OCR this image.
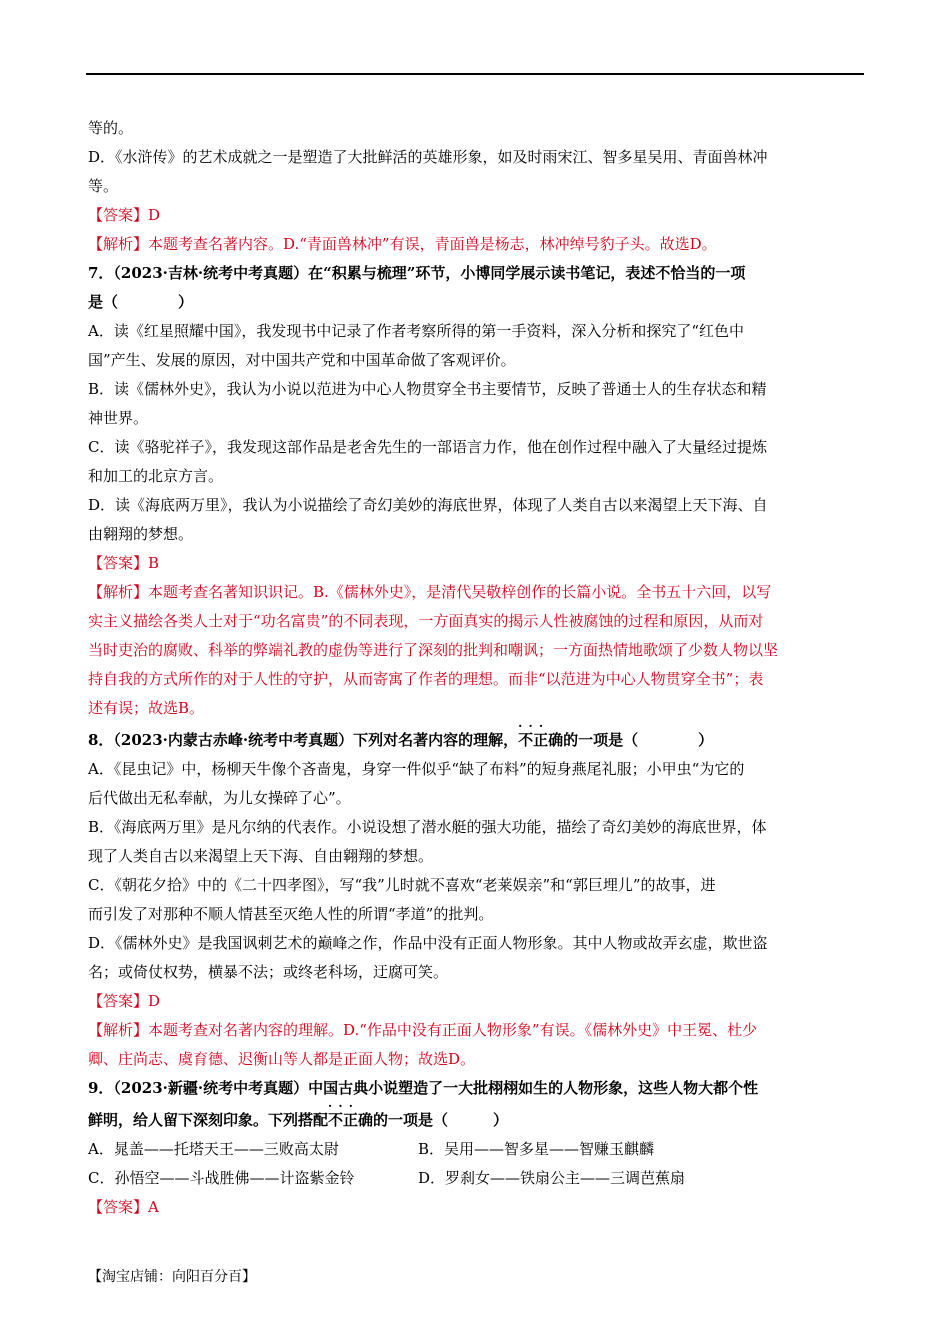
等的。

D．《水浒传》的艺术成就之一是塑造了大批鲜活的英雄形象，如及时雨宋江、智多星吴用、青面兽林冲

等。

【答案】D

【解析】本题考查名著内容。D.“青面兽林冲”有误，青面兽是杨志，林冲绰号豹子头。故选D。

7．（2023·吉林·统考中考真题）在“积累与梳理”环节，小博同学展示读书笔记，表述不恰当的一项

是（　　　　）

A．读《红星照耀中国》，我发现书中记录了作者考察所得的第一手资料，深入分析和探究了“红色中

国”产生、发展的原因，对中国共产党和中国革命做了客观评价。

B．读《儒林外史》，我认为小说以范进为中心人物贯穿全书主要情节，反映了普通士人的生存状态和精

神世界。

C．读《骆驼祥子》，我发现这部作品是老舍先生的一部语言力作，他在创作过程中融入了大量经过提炼

和加工的北京方言。

D．读《海底两万里》，我认为小说描绘了奇幻美妙的海底世界，体现了人类自古以来渴望上天下海、自

由翱翔的梦想。

【答案】B

【解析】本题考查名著知识识记。B.《儒林外史》，是清代吴敬梓创作的长篇小说。全书五十六回，以写

实主义描绘各类人士对于“功名富贵”的不同表现，一方面真实的揭示人性被腐蚀的过程和原因，从而对

当时吏治的腐败、科举的弊端礼教的虚伪等进行了深刻的批判和嘲讽；一方面热情地歌颂了少数人物以坚

持自我的方式所作的对于人性的守护，从而寄寓了作者的理想。而非“以范进为中心人物贯穿全书”；表

述有误；故选B。

8．（2023·内蒙古赤峰·统考中考真题）下列对名著内容的理解，· · · 不正确的一项是（　　　　）

A．《昆虫记》中，杨柳天牛像个吝啬鬼，身穿一件似乎“缺了布料”的短身燕尾礼服；小甲虫“为它的

后代做出无私奉献，为儿女操碎了心”。

B．《海底两万里》是凡尔纳的代表作。小说设想了潜水艇的强大功能，描绘了奇幻美妙的海底世界，体

现了人类自古以来渴望上天下海、自由翱翔的梦想。

C．《朝花夕拾》中的《二十四孝图》，写“我”儿时就不喜欢“老莱娱亲”和“郭巨埋儿”的故事，进

而引发了对那种不顺人情甚至灭绝人性的所谓“孝道”的批判。

D．《儒林外史》是我国讽刺艺术的巅峰之作，作品中没有正面人物形象。其中人物或故弄玄虚，欺世盗

名；或倚仗权势，横暴不法；或终老科场，迂腐可笑。

【答案】D

【解析】本题考查对名著内容的理解。D.“作品中没有正面人物形象”有误。《儒林外史》中王冕、杜少

卿、庄尚志、虞育德、迟衡山等人都是正面人物；故选D。

9．（2023·新疆·统考中考真题）中国古典小说塑造了一大批栩栩如生的人物形象，这些人物大都个性

鲜明，给人留下深刻印象。下列搭配· · · 不正确的一项是（　　　）

A．晁盖——托塔天王——三败高太尉	B．吴用——智多星——智赚玉麒麟
C．孙悟空——斗战胜佛——计盗紫金铃	D．罗刹女——铁扇公主——三调芭蕉扇

【答案】A

【淘宝店铺：向阳百分百】
